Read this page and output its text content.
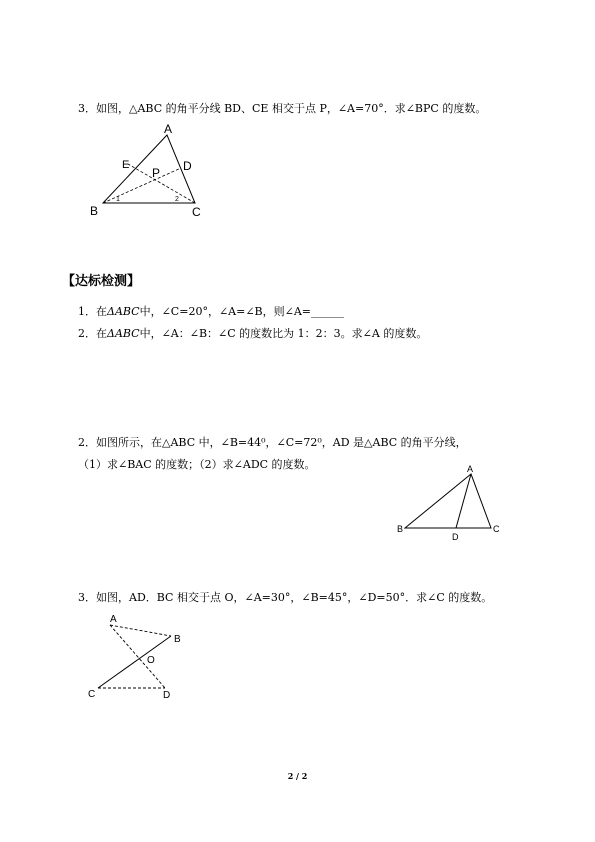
3．如图，△ABC 的角平分线 BD、CE 相交于点 P，∠A=70°．求∠BPC 的度数。
A
B	C
D
E
P
1	2
【达标检测】
1．在ΔABC中，∠C=20°，∠A=∠B，则∠A=______
2．在ΔABC中，∠A：∠B：∠C 的度数比为 1：2：3。求∠A 的度数。
2．如图所示，在△ABC 中，∠B=44⁰，∠C=72⁰，AD 是△ABC 的角平分线，
（1）求∠BAC 的度数；（2）求∠ADC 的度数。	A
B	C
D
3．如图，AD．BC 相交于点 O，∠A=30°，∠B=45°，∠D=50°．求∠C 的度数。
A
B
C	D
O
2 / 2
